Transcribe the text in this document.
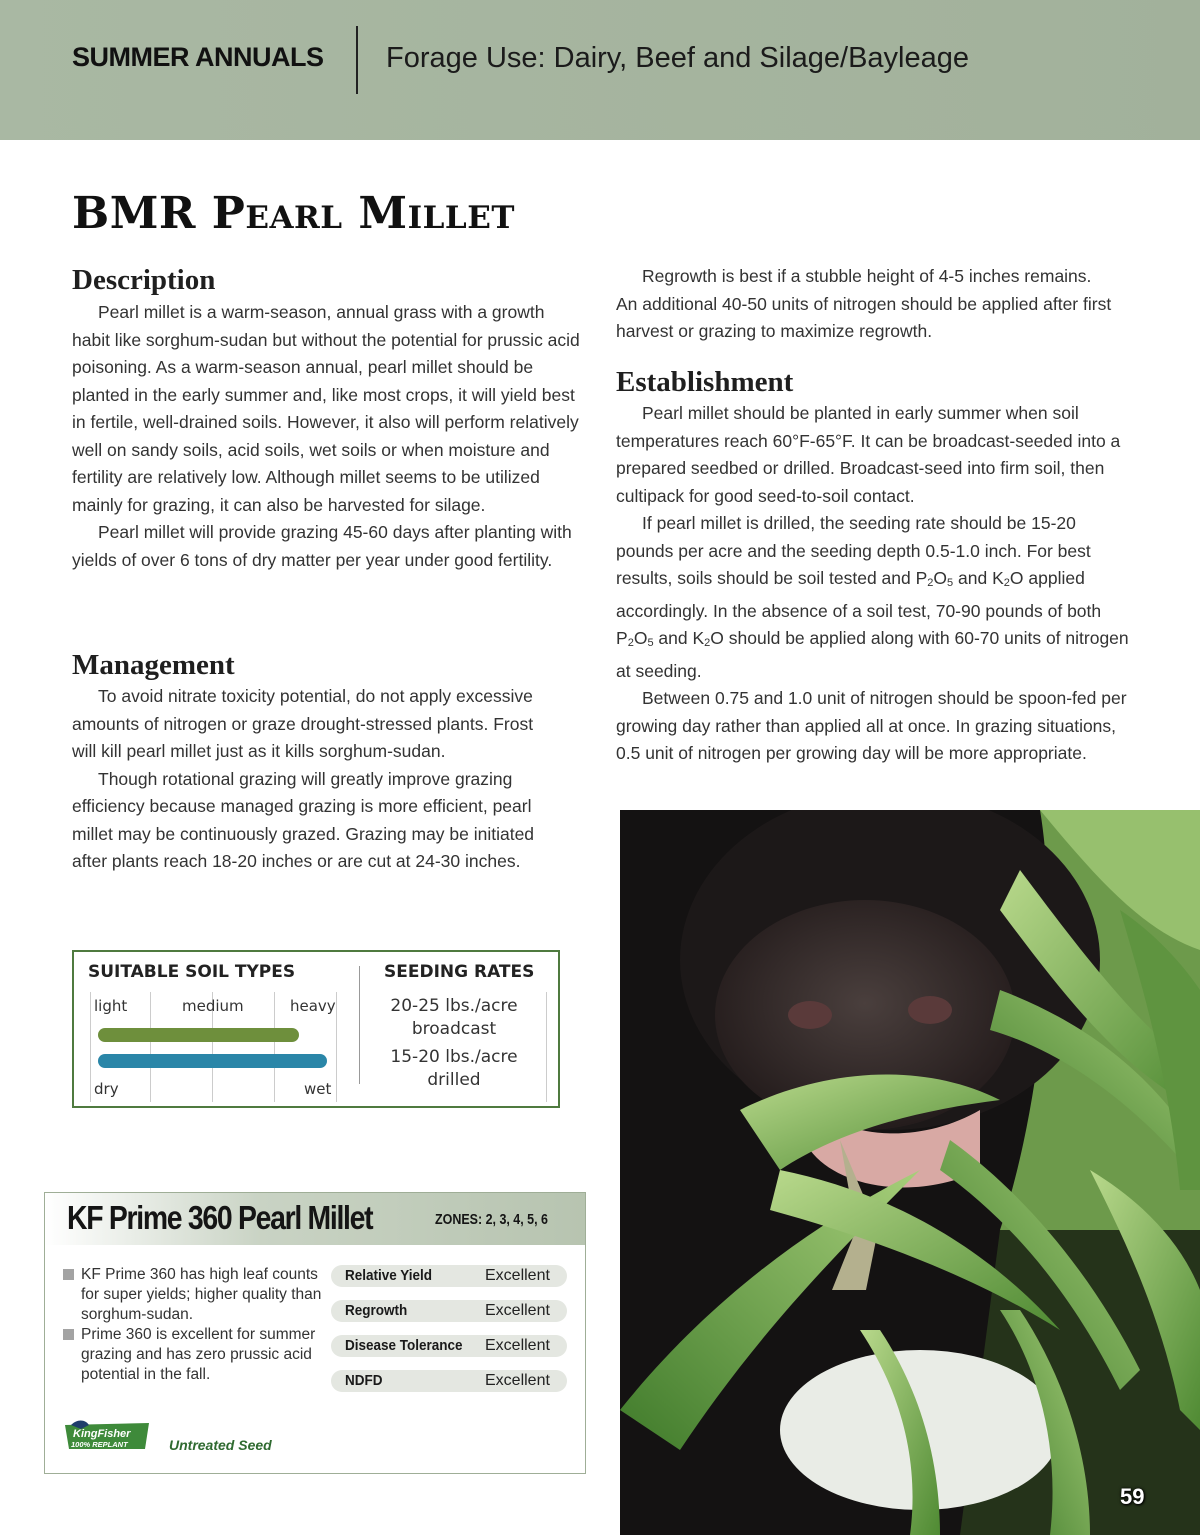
SUMMER ANNUALS Forage Use: Dairy, Beef and Silage/Bayleage
BMR Pearl Millet
Description

Pearl millet is a warm-season, annual grass with a growth habit like sorghum-sudan but without the potential for prussic acid poisoning. As a warm-season annual, pearl millet should be planted in the early summer and, like most crops, it will yield best in fertile, well-drained soils. However, it also will perform relatively well on sandy soils, acid soils, wet soils or when moisture and fertility are relatively low. Although millet seems to be utilized mainly for grazing, it can also be harvested for silage.

Pearl millet will provide grazing 45-60 days after planting with yields of over 6 tons of dry matter per year under good fertility.

Management

To avoid nitrate toxicity potential, do not apply excessive amounts of nitrogen or graze drought-stressed plants. Frost will kill pearl millet just as it kills sorghum-sudan.

Though rotational grazing will greatly improve grazing efficiency because managed grazing is more efficient, pearl millet may be continuously grazed. Grazing may be initiated after plants reach 18-20 inches or are cut at 24-30 inches.

Regrowth is best if a stubble height of 4-5 inches remains. An additional 40-50 units of nitrogen should be applied after first harvest or grazing to maximize regrowth.

Establishment

Pearl millet should be planted in early summer when soil temperatures reach 60°F-65°F. It can be broadcast-seeded into a prepared seedbed or drilled. Broadcast-seed into firm soil, then cultipack for good seed-to-soil contact.

If pearl millet is drilled, the seeding rate should be 15-20 pounds per acre and the seeding depth 0.5-1.0 inch. For best results, soils should be soil tested and $P_2O_5$ and $K_2O$ applied accordingly. In the absence of a soil test, 70-90 pounds of both $P_2O_5$ and $K_2O$ should be applied along with 60-70 units of nitrogen at seeding.

Between 0.75 and 1.0 unit of nitrogen should be spoon-fed per growing day rather than applied all at once. In grazing situations, 0.5 unit of nitrogen per growing day will be more appropriate.

SUITABLE SOIL TYPES	SEEDING RATES
light	medium	heavy
dry	wet
20-25 lbs./acre
broadcast
15-20 lbs./acre
drilled
KF Prime 360 Pearl Millet	ZONES: 2, 3, 4, 5, 6
KF Prime 360 has high leaf counts for super yields; higher quality than sorghum-sudan.
Prime 360 is excellent for summer grazing and has zero prussic acid potential in the fall.
Relative Yield	Excellent
Regrowth	Excellent
Disease Tolerance Excellent
NDFD	Excellent
KingFisher
100% REPLANT	Untreated Seed
59
